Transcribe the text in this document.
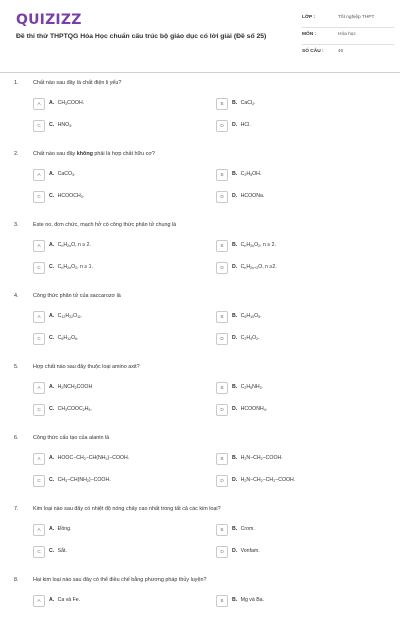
QUIZIZZ
Đề thi thử THPTQG Hóa Học chuẩn cấu trúc bộ giáo dục có lời giải (Đề số 25)
LỚP :	Tốt nghiệp THPT
MÔN :	Hóa học
SỐ CÂU :	40
1.	Chất nào sau đây là chất điện li yếu?
A	A. $CH_3COOH$.	B	B. CaCl$_2$.
C	C. $HNO_3$.	D	D. HCl.
2.	Chất nào sau đây không phải là hợp chất hữu cơ?
A	A. CaCO$_3$.	B	B. $C_2H_5OH$.
C	C. $HCOOCH_3$.	D	D. HCOONa.
3.	Este no, đơn chức, mạch hở có công thức phân tử chung là
A	A. $C_nH_{2n}O$, n ≥ 2.	B	B. $C_nH_{2n}O_2$, n ≥ 2.
C	C. $C_nH_{2n}O_2$, n ≥ 1.	D	D. $C_nH_{2n+2}O$, n ≥2.
4.	Công thức phân tử của saccarozơ là
A	A. $C_{12}H_{22}O_{11}$.	B	B. $C_6H_{10}O_5$.
C	C. $C_6H_{12}O_6$.	D	D. $C_2H_4O_2$.
5.	Hợp chất nào sau đây thuộc loại amino axit?
A	A. $H_2NCH_2COOH$	B	B. $C_2H_5NH_2$.
C	C. $CH_3COOC_2H_5$.	D	D. $HCOONH_4$.
6.	Công thức cấu tạo của alanin là
A	A. $HOOC-CH_2-CH(NH_2)-COOH$.	B	B. $H_2N-CH_2-COOH$.
C	C. $CH_3-CH(NH_2)-COOH$.	D	D. $H_2N-CH_2-CH_2-COOH$.
7.	Kim loại nào sau đây có nhiệt độ nóng chảy cao nhất trong tất cả các kim loại?
A	A. Đồng.	B	B. Crom.
C	C. Sắt.	D	D. Vonfam.
8.	Hai kim loại nào sau đây có thể điều chế bằng phương pháp thủy luyện?
A	A. Ca và Fe.	B	B. Mg và Ba.
